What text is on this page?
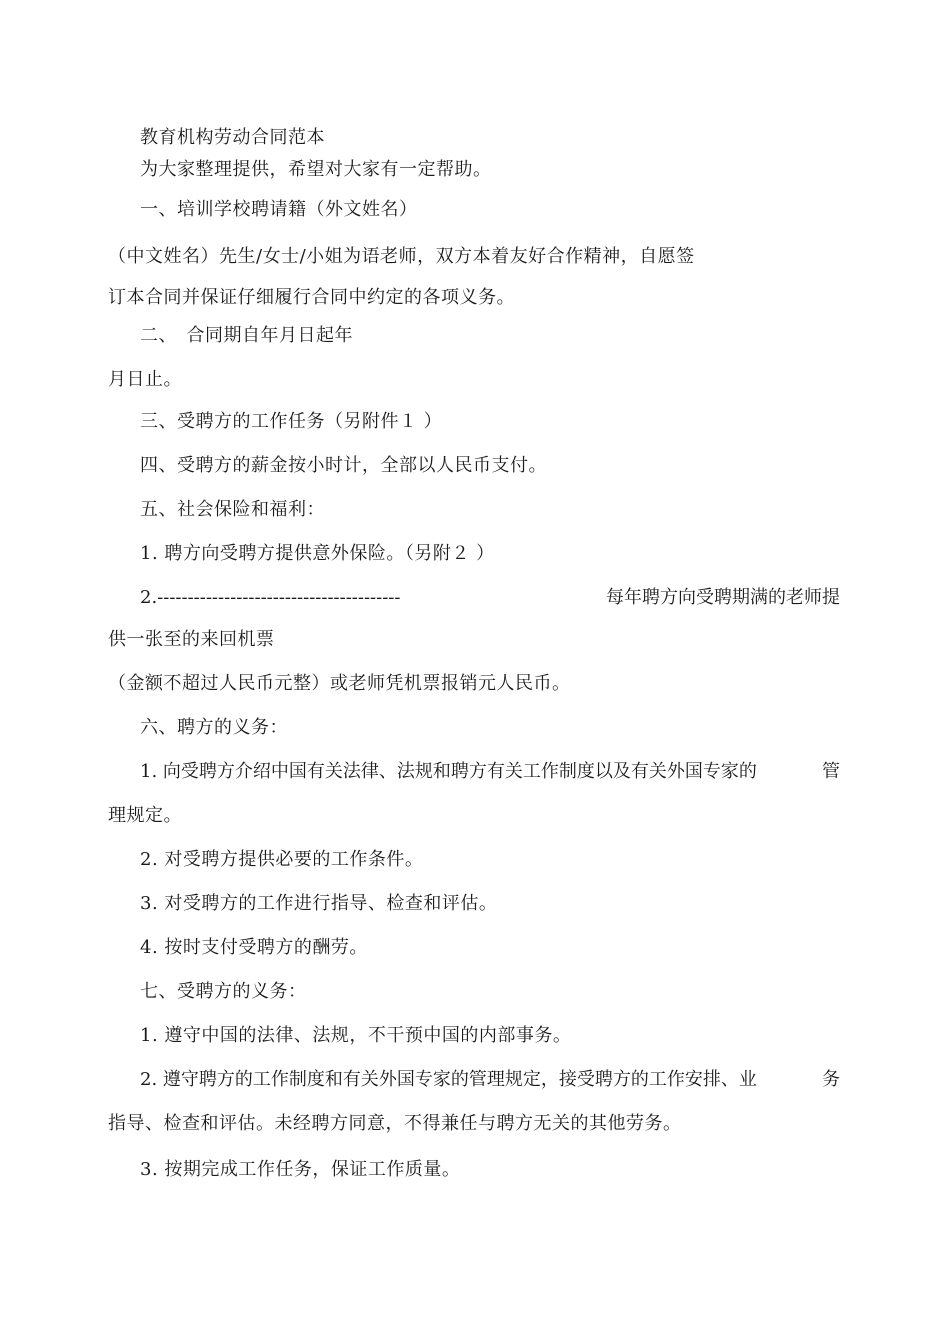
教育机构劳动合同范本
为大家整理提供，希望对大家有一定帮助。
一、培训学校聘请籍（外文姓名）
（中文姓名）先生/女士/小姐为语老师，双方本着友好合作精神，自愿签
订本合同并保证仔细履行合同中约定的各项义务。
二、　合同期自年月日起年
月日止。
三、受聘方的工作任务（另附件１ ）
四、受聘方的薪金按小时计，全部以人民币支付。
五、社会保险和福利：
1. 聘方向受聘方提供意外保险。（另附２ ）
2.----------------------------------------	每年聘方向受聘期满的老师提
供一张至的来回机票
（金额不超过人民币元整）或老师凭机票报销元人民币。
六、聘方的义务：
1. 向受聘方介绍中国有关法律、法规和聘方有关工作制度以及有关外国专家的	管
理规定。
2. 对受聘方提供必要的工作条件。
3. 对受聘方的工作进行指导、检查和评估。
4. 按时支付受聘方的酬劳。
七、受聘方的义务：
1. 遵守中国的法律、法规，不干预中国的内部事务。
2. 遵守聘方的工作制度和有关外国专家的管理规定，接受聘方的工作安排、业	务
指导、检查和评估。未经聘方同意，不得兼任与聘方无关的其他劳务。
3. 按期完成工作任务，保证工作质量。
